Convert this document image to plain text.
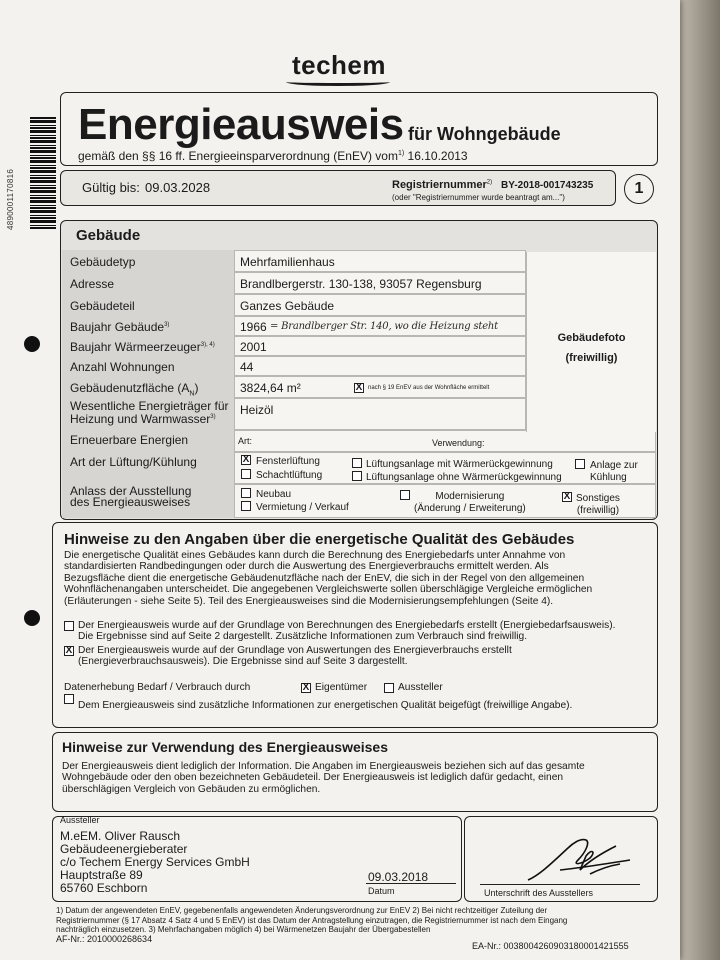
techem
4890001170816
Energieausweis für Wohngebäude
gemäß den §§ 16 ff. Energieeinsparverordnung (EnEV) vom$^{1)}$ 16.10.2013
Gültig bis: 09.03.2028	Registriernummer$^{2)}$ BY-2018-001743235
(oder "Registriernummer wurde beantragt am...")
1
Gebäude
Gebäudefoto
(freiwillig)
Gebäudetyp	Mehrfamilienhaus
Adresse	Brandlbergerstr. 130-138, 93057 Regensburg
Gebäudeteil	Ganzes Gebäude
Baujahr Gebäude$^{3)}$	1966 = Brandlberger Str. 140, wo die Heizung steht
Baujahr Wärmeerzeuger$^{3), 4)}$ 2001
Anzahl Wohnungen	44
Gebäudenutzfläche $(A_N)$	3824,64 m²	X nach § 19 EnEV aus der Wohnfläche ermittelt
Wesentliche Energieträger für
Heizung und Warmwasser$^{3)}$	Heizöl
Erneuerbare Energien	Art:	Verwendung:
Art der Lüftung/Kühlung	X Fensterlüftung
Schachtlüftung
Lüftungsanlage mit Wärmerückgewinnung
Lüftungsanlage ohne Wärmerückgewinnung
Anlage zur
Kühlung
Anlass der Ausstellung
des Energieausweises
Neubau
Vermietung / Verkauf
Modernisierung
(Änderung / Erweiterung)
X Sonstiges
(freiwillig)
Hinweise zu den Angaben über die energetische Qualität des Gebäudes
Die energetische Qualität eines Gebäudes kann durch die Berechnung des Energiebedarfs unter Annahme von
standardisierten Randbedingungen oder durch die Auswertung des Energieverbrauchs ermittelt werden. Als
Bezugsfläche dient die energetische Gebäudenutzfläche nach der EnEV, die sich in der Regel von den allgemeinen
Wohnflächenangaben unterscheidet. Die angegebenen Vergleichswerte sollen überschlägige Vergleiche ermöglichen
(Erläuterungen - siehe Seite 5). Teil des Energieausweises sind die Modernisierungsempfehlungen (Seite 4).
Der Energieausweis wurde auf der Grundlage von Berechnungen des Energiebedarfs erstellt (Energiebedarfsausweis).
Die Ergebnisse sind auf Seite 2 dargestellt. Zusätzliche Informationen zum Verbrauch sind freiwillig.
X Der Energieausweis wurde auf der Grundlage von Auswertungen des Energieverbrauchs erstellt
(Energieverbrauchsausweis). Die Ergebnisse sind auf Seite 3 dargestellt.
Datenerhebung Bedarf / Verbrauch durch	X Eigentümer	Aussteller
Dem Energieausweis sind zusätzliche Informationen zur energetischen Qualität beigefügt (freiwillige Angabe).
Hinweise zur Verwendung des Energieausweises
Der Energieausweis dient lediglich der Information. Die Angaben im Energieausweis beziehen sich auf das gesamte
Wohngebäude oder den oben bezeichneten Gebäudeteil. Der Energieausweis ist lediglich dafür gedacht, einen
überschlägigen Vergleich von Gebäuden zu ermöglichen.
Aussteller
M.eEM. Oliver Rausch
Gebäudeenergieberater
c/o Techem Energy Services GmbH
Hauptstraße 89
65760 Eschborn
09.03.2018
Datum	Unterschrift des Ausstellers
1) Datum der angewendeten EnEV, gegebenenfalls angewendeten Änderungsverordnung zur EnEV 2) Bei nicht rechtzeitiger Zuteilung der
Registriernummer (§ 17 Absatz 4 Satz 4 und 5 EnEV) ist das Datum der Antragstellung einzutragen, die Registriernummer ist nach dem Eingang
nachträglich einzusetzen. 3) Mehrfachangaben möglich 4) bei Wärmenetzen Baujahr der Übergabestellen
AF-Nr.: 2010000268634
EA-Nr.: 00380042609031800014215​55
